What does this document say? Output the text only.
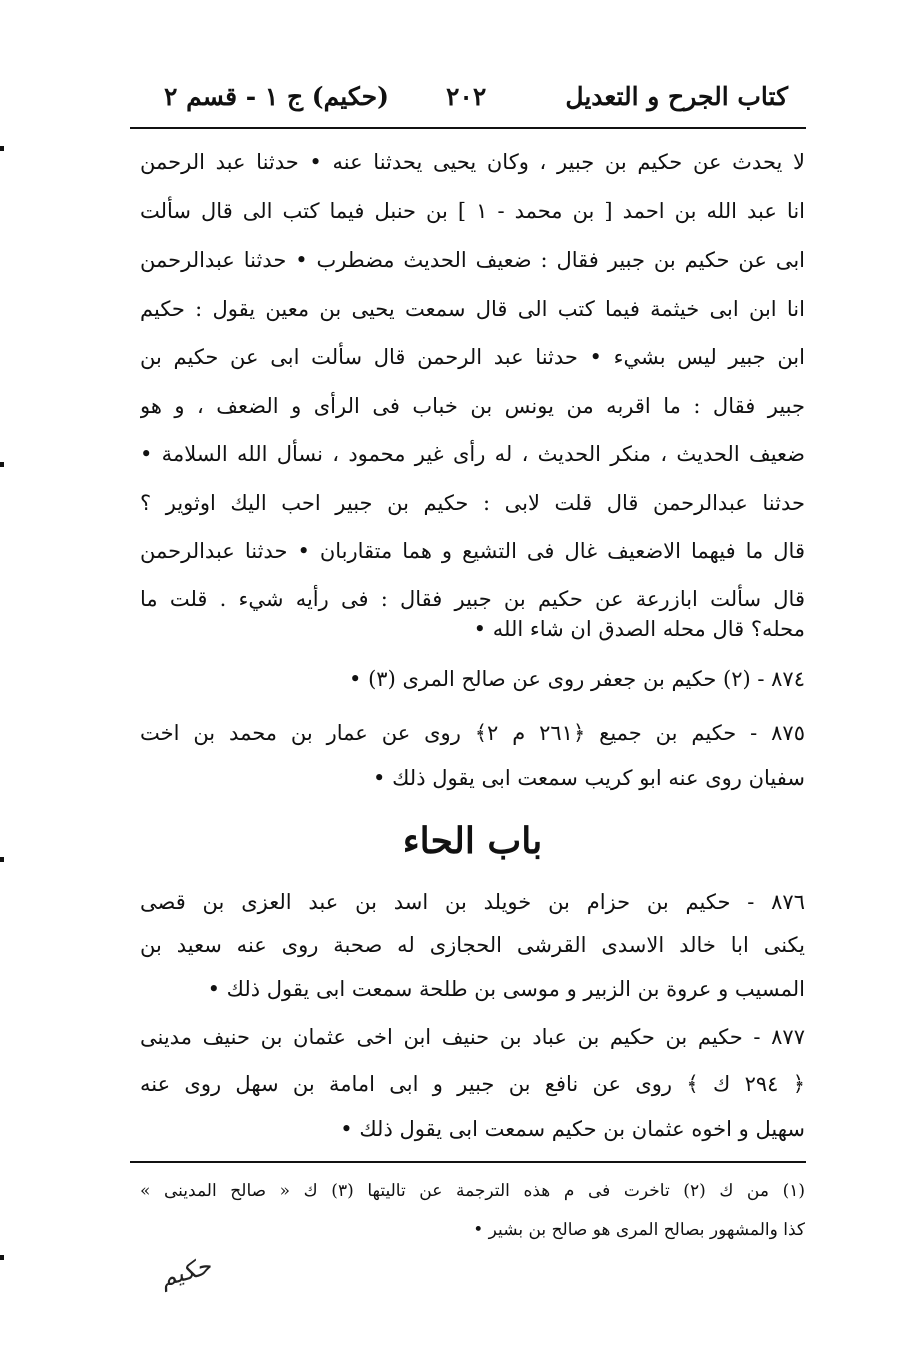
كتاب الجرح و التعديل
٢٠٢
(حكيم) ج ١ - قسم ٢
لا يحدث عن حكيم بن جبير ، وكان يحيى يحدثنا عنه • حدثنا عبد الرحمن
انا عبد الله بن احمد [ بن محمد - ١ ] بن حنبل فيما كتب الى قال سألت
ابى عن حكيم بن جبير فقال : ضعيف الحديث مضطرب • حدثنا عبدالرحمن
انا ابن ابى خيثمة فيما كتب الى قال سمعت يحيى بن معين يقول : حكيم
ابن جبير ليس بشيء • حدثنا عبد الرحمن قال سألت ابى عن حكيم بن
جبير فقال : ما اقربه من يونس بن خباب فى الرأى و الضعف ، و هو
ضعيف الحديث ، منكر الحديث ، له رأى غير محمود ، نسأل الله السلامة •
حدثنا عبدالرحمن قال قلت لابى : حكيم بن جبير احب اليك اوثوير ؟
قال ما فيهما الاضعيف غال فى التشيع و هما متقاربان • حدثنا عبدالرحمن
قال سألت ابازرعة عن حكيم بن جبير فقال : فى رأيه شيء . قلت ما
محله؟ قال محله الصدق ان شاء الله •
٨٧٤ - (٢) حكيم بن جعفر روى عن صالح المرى (٣) •
٨٧٥ - حكيم بن جميع ﴿٢٦١ م ٢﴾ روى عن عمار بن محمد بن اخت
سفيان روى عنه ابو كريب سمعت ابى يقول ذلك •
باب الحاء
٨٧٦ - حكيم بن حزام بن خويلد بن اسد بن عبد العزى بن قصى
يكنى ابا خالد الاسدى القرشى الحجازى له صحبة روى عنه سعيد بن
المسيب و عروة بن الزبير و موسى بن طلحة سمعت ابى يقول ذلك •
٨٧٧ - حكيم بن حكيم بن عباد بن حنيف ابن اخى عثمان بن حنيف مدينى
﴿ ٢٩٤ ك ﴾ روى عن نافع بن جبير و ابى امامة بن سهل روى عنه
سهيل و اخوه عثمان بن حكيم سمعت ابى يقول ذلك •
(١) من ك (٢) تاخرت فى م هذه الترجمة عن تاليتها (٣) ك « صالح المدينى »
كذا والمشهور بصالح المرى هو صالح بن بشير •
حكيم
